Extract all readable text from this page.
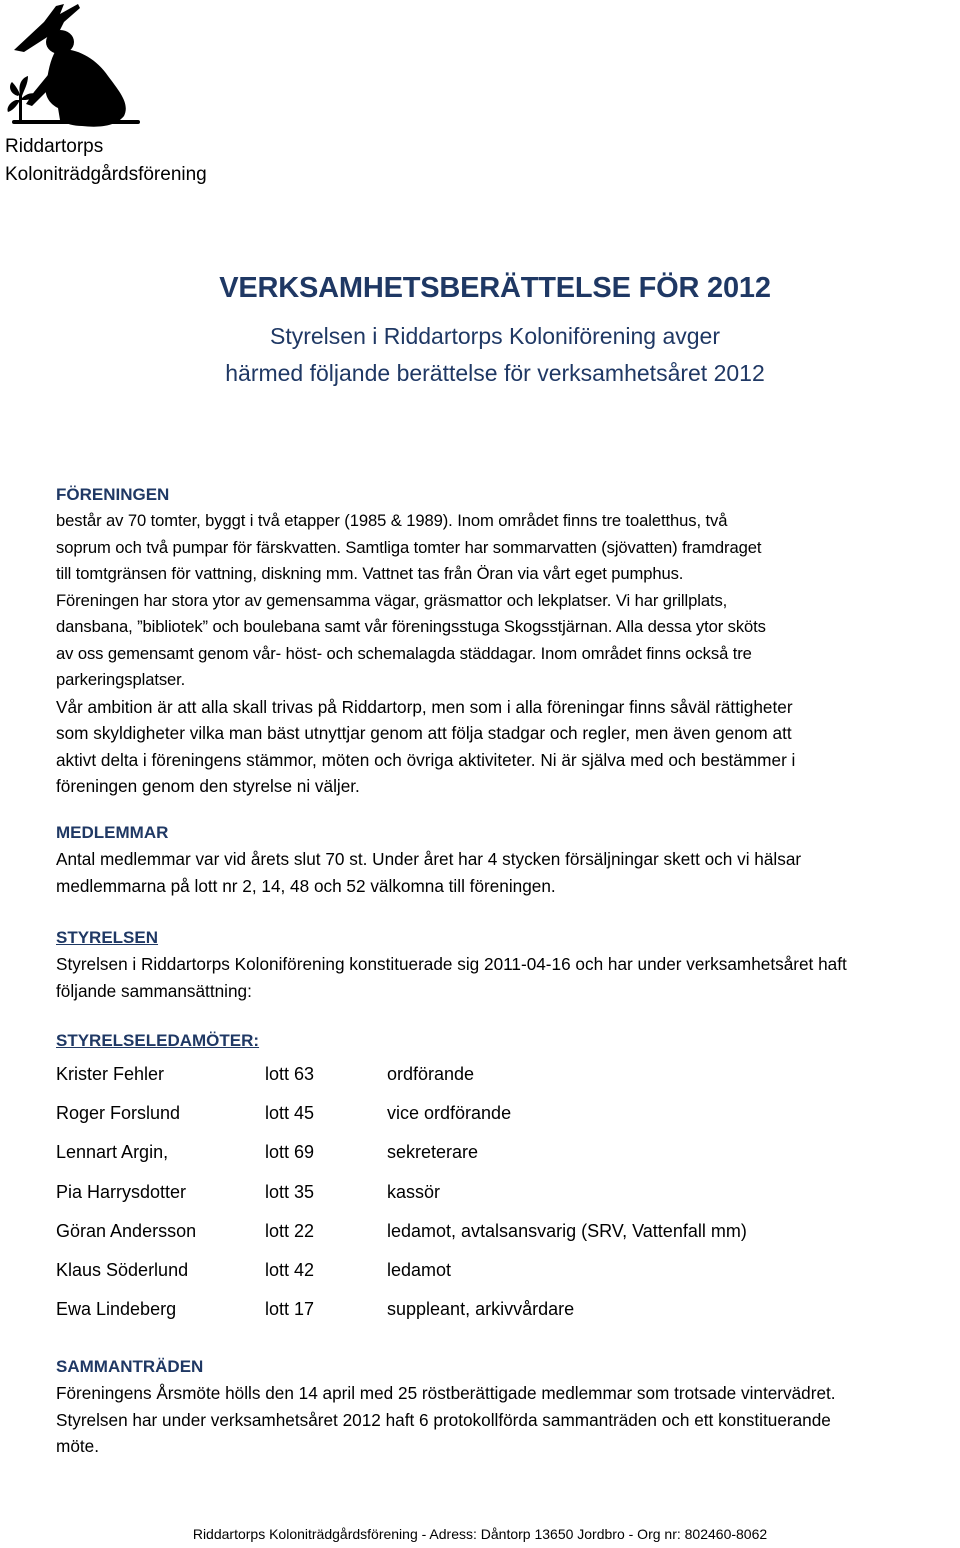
Riddartorps
Koloniträdgårdsförening
VERKSAMHETSBERÄTTELSE FÖR 2012
Styrelsen i Riddartorps Koloniförening avger
härmed följande berättelse för verksamhetsåret 2012
FÖRENINGEN
består av 70 tomter, byggt i två etapper (1985 & 1989). Inom området finns tre toaletthus, två
soprum och två pumpar för färskvatten. Samtliga tomter har sommarvatten (sjövatten) framdraget
till tomtgränsen för vattning, diskning mm. Vattnet tas från Öran via vårt eget pumphus.
Föreningen har stora ytor av gemensamma vägar, gräsmattor och lekplatser. Vi har grillplats,
dansbana, ”bibliotek” och boulebana samt vår föreningsstuga Skogsstjärnan. Alla dessa ytor sköts
av oss gemensamt genom vår- höst- och schemalagda städdagar. Inom området finns också tre
parkeringsplatser.
Vår ambition är att alla skall trivas på Riddartorp, men som i alla föreningar finns såväl rättigheter
som skyldigheter vilka man bäst utnyttjar genom att följa stadgar och regler, men även genom att
aktivt delta i föreningens stämmor, möten och övriga aktiviteter. Ni är själva med och bestämmer i
föreningen genom den styrelse ni väljer.
MEDLEMMAR
Antal medlemmar var vid årets slut 70 st. Under året har 4 stycken försäljningar skett och vi hälsar
medlemmarna på lott nr 2, 14, 48 och 52 välkomna till föreningen.
STYRELSEN
Styrelsen i Riddartorps Koloniförening konstituerade sig 2011-04-16 och har under verksamhetsåret haft
följande sammansättning:
STYRELSELEDAMÖTER:
Krister Fehler	lott 63	ordförande
Roger Forslund	lott 45	vice ordförande
Lennart Argin,	lott 69	sekreterare
Pia Harrysdotter	lott 35	kassör
Göran Andersson	lott 22	ledamot, avtalsansvarig (SRV, Vattenfall mm)
Klaus Söderlund	lott 42	ledamot
Ewa Lindeberg	lott 17	suppleant, arkivvårdare
SAMMANTRÄDEN
Föreningens Årsmöte hölls den 14 april med 25 röstberättigade medlemmar som trotsade vintervädret.
Styrelsen har under verksamhetsåret 2012 haft 6 protokollförda sammanträden och ett konstituerande
möte.
Riddartorps Koloniträdgårdsförening - Adress: Dåntorp 13650 Jordbro - Org nr: 802460-8062
